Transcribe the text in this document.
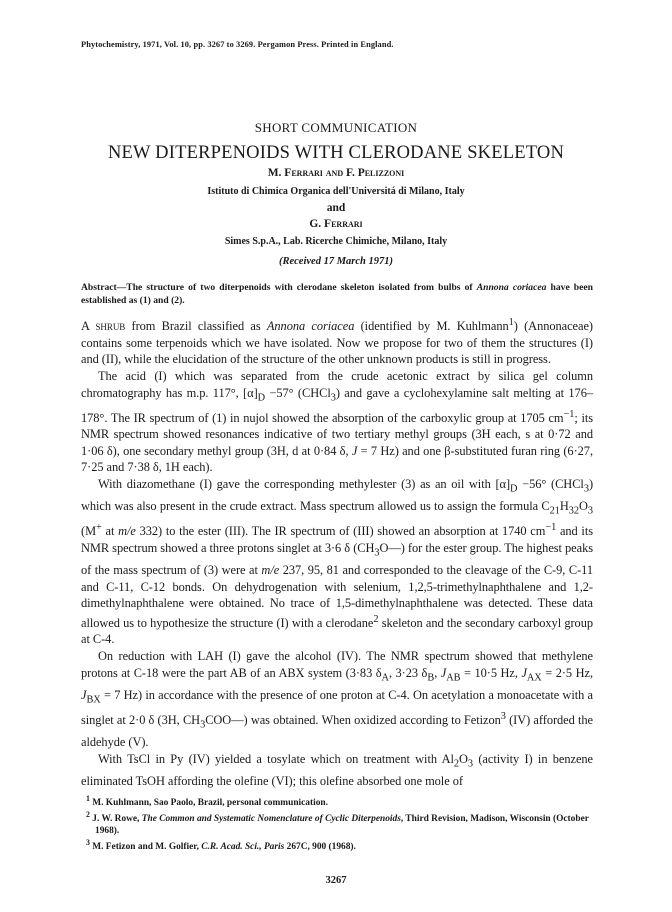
Phytochemistry, 1971, Vol. 10, pp. 3267 to 3269. Pergamon Press. Printed in England.
SHORT COMMUNICATION
NEW DITERPENOIDS WITH CLERODANE SKELETON
M. Ferrari and F. Pelizzoni
Istituto di Chimica Organica dell'Universitá di Milano, Italy
and
G. Ferrari
Simes S.p.A., Lab. Ricerche Chimiche, Milano, Italy
(Received 17 March 1971)
Abstract—The structure of two diterpenoids with clerodane skeleton isolated from bulbs of Annona coriacea have been established as (1) and (2).

A shrub from Brazil classified as Annona coriacea (identified by M. Kuhlmann$^1$) (Annonaceae) contains some terpenoids which we have isolated. Now we propose for two of them the structures (I) and (II), while the elucidation of the structure of the other unknown products is still in progress.

The acid (I) which was separated from the crude acetonic extract by silica gel column chromatography has m.p. 117°, $[\alpha]_D -57^\circ$ (CHCl$_3$) and gave a cyclohexylamine salt melting at 176–178°. The IR spectrum of (1) in nujol showed the absorption of the carboxylic group at 1705 $cm^{-1}$; its NMR spectrum showed resonances indicative of two tertiary methyl groups (3H each, s at 0·72 and 1·06 δ), one secondary methyl group (3H, d at 0·84 δ, J = 7 Hz) and one β-substituted furan ring (6·27, 7·25 and 7·38 δ, 1H each).

With diazomethane (I) gave the corresponding methylester (3) as an oil with $[\alpha]_D -56^\circ$ (CHCl$_3$) which was also present in the crude extract. Mass spectrum allowed us to assign the formula $C_{21}H_{32}O_3$ (M+ at m/e 332) to the ester (III). The IR spectrum of (III) showed an absorption at 1740 $cm^{-1}$ and its NMR spectrum showed a three protons singlet at 3·6 δ $(CH_3O—)$ for the ester group. The highest peaks of the mass spectrum of (3) were at m/e 237, 95, 81 and corresponded to the cleavage of the C-9, C-11 and C-11, C-12 bonds. On dehydrogenation with selenium, 1,2,5-trimethylnaphthalene and 1,2-dimethylnaphthalene were obtained. No trace of 1,5-dimethylnaphthalene was detected. These data allowed us to hypothesize the structure (I) with a clerodane$^2$ skeleton and the secondary carboxyl group at C-4.

On reduction with LAH (I) gave the alcohol (IV). The NMR spectrum showed that methylene protons at C-18 were the part AB of an ABX system (3·83 $\delta_A$, 3·23 $\delta_B$, $J_{AB} = 10\cdot 5$ Hz, $J_{AX} = 2\cdot 5$ Hz, $J_{BX} = 7$ Hz) in accordance with the presence of one proton at C-4. On acetylation a monoacetate with a singlet at 2·0 δ (3H, $CH_3COO—$) was obtained. When oxidized according to Fetizon$^3$ (IV) afforded the aldehyde (V).

With TsCl in Py (IV) yielded a tosylate which on treatment with $Al_2O_3$ (activity I) in benzene eliminated TsOH affording the olefine (VI); this olefine absorbed one mole of

$^1$ M. Kuhlmann, Sao Paolo, Brazil, personal communication.

$^2$ J. W. Rowe, The Common and Systematic Nomenclature of Cyclic Diterpenoids, Third Revision, Madison, Wisconsin (October 1968).

$^3$ M. Fetizon and M. Golfier, C.R. Acad. Sci., Paris 267C, 900 (1968).

3267
